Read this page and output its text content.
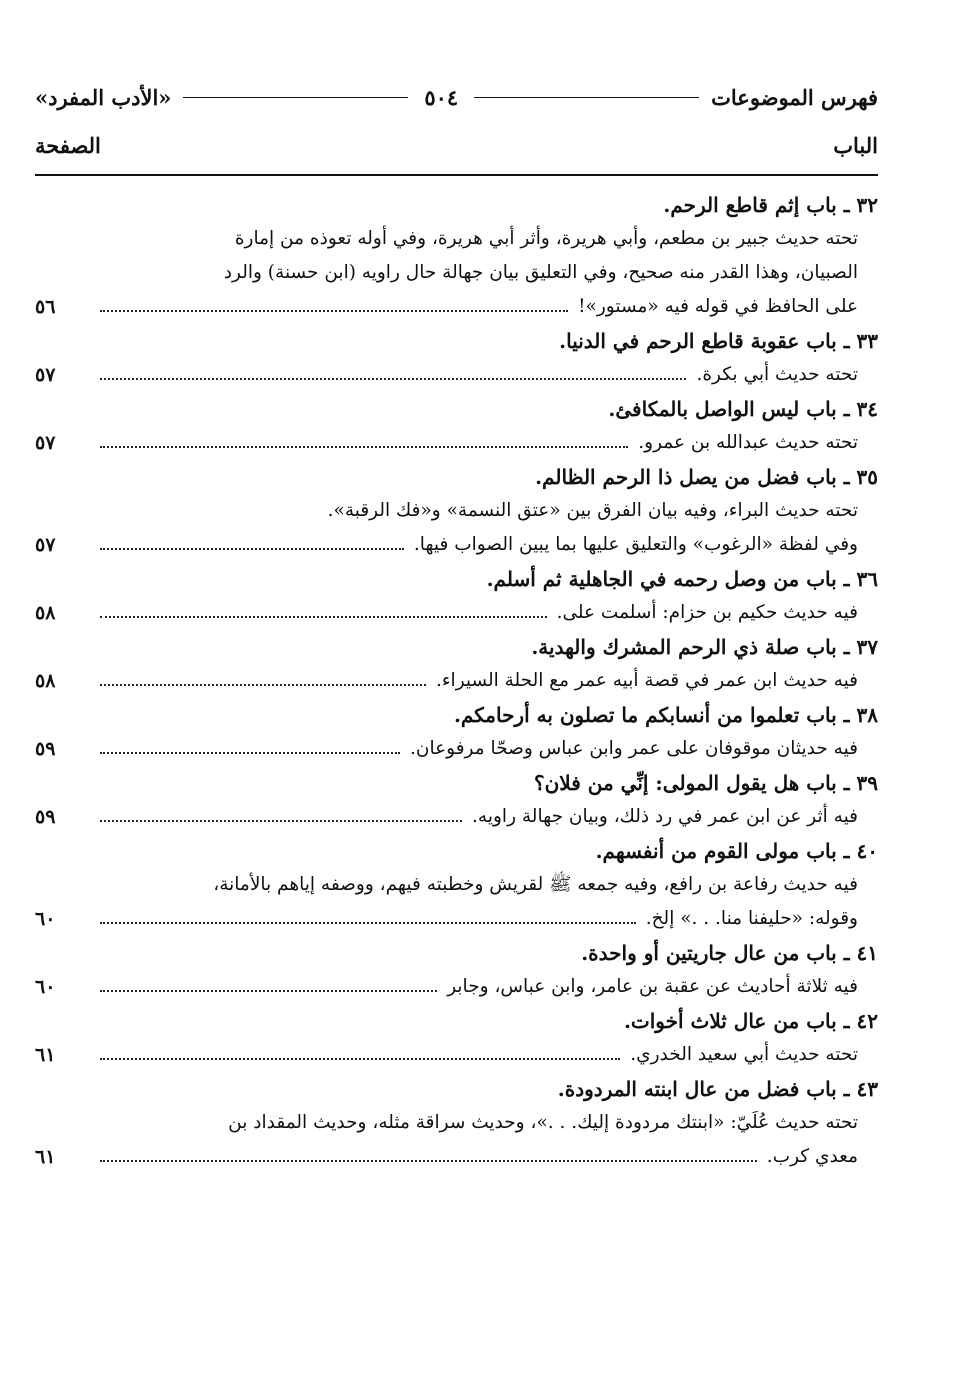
فهرس الموضوعات
٥٠٤
«الأدب المفرد»
الباب
الصفحة
٣٢ ـ باب إثم قاطع الرحم.
تحته حديث جبير بن مطعم، وأبي هريرة، وأثر أبي هريرة، وفي أوله تعوذه من إمارة
الصبيان، وهذا القدر منه صحيح، وفي التعليق بيان جهالة حال راويه (ابن حسنة) والرد
على الحافظ في قوله فيه «مستور»!
٥٦
٣٣ ـ باب عقوبة قاطع الرحم في الدنيا.
تحته حديث أبي بكرة.
٥٧
٣٤ ـ باب ليس الواصل بالمكافئ.
تحته حديث عبدالله بن عمرو.
٥٧
٣٥ ـ باب فضل من يصل ذا الرحم الظالم.
تحته حديث البراء، وفيه بيان الفرق بين «عتق النسمة» و«فك الرقبة».
وفي لفظة «الرغوب» والتعليق عليها بما يبين الصواب فيها.
٥٧
٣٦ ـ باب من وصل رحمه في الجاهلية ثم أسلم.
فيه حديث حكيم بن حزام: أسلمت على.
٥٨
٣٧ ـ باب صلة ذي الرحم المشرك والهدية.
فيه حديث ابن عمر في قصة أبيه عمر مع الحلة السيراء.
٥٨
٣٨ ـ باب تعلموا من أنسابكم ما تصلون به أرحامكم.
فيه حديثان موقوفان على عمر وابن عباس وصحّا مرفوعان.
٥٩
٣٩ ـ باب هل يقول المولى: إنِّي من فلان؟
فيه أثر عن ابن عمر في رد ذلك، وبيان جهالة راويه.
٥٩
٤٠ ـ باب مولى القوم من أنفسهم.
فيه حديث رفاعة بن رافع، وفيه جمعه ﷺ لقريش وخطبته فيهم، ووصفه إياهم بالأمانة،
وقوله: «حليفنا منا. . .» إلخ.
٦٠
٤١ ـ باب من عال جاريتين أو واحدة.
فيه ثلاثة أحاديث عن عقبة بن عامر، وابن عباس، وجابر
٦٠
٤٢ ـ باب من عال ثلاث أخوات.
تحته حديث أبي سعيد الخدري.
٦١
٤٣ ـ باب فضل من عال ابنته المردودة.
تحته حديث عُلَيّ: «ابنتك مردودة إليك. . .»، وحديث سراقة مثله، وحديث المقداد بن
معدي كرب.
٦١
